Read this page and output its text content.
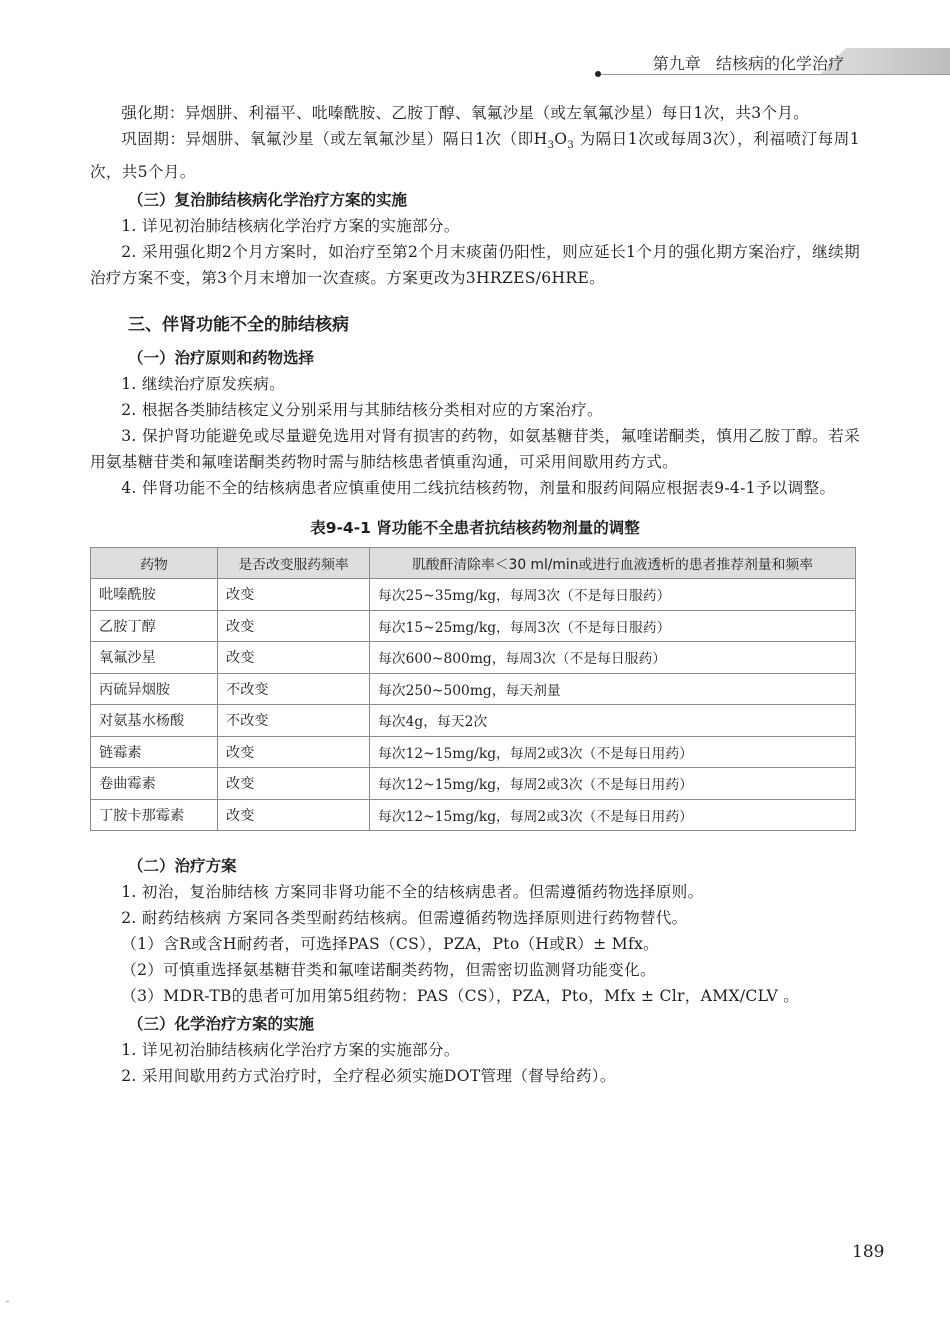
第九章 结核病的化学治疗

强化期：异烟肼、利福平、吡嗪酰胺、乙胺丁醇、氧氟沙星（或左氧氟沙星）每日1次，共3个月。

巩固期：异烟肼、氧氟沙星（或左氧氟沙星）隔日1次（即$H_3O_3$ 为隔日1次或每周3次），利福喷汀每周1次，共5个月。

（三）复治肺结核病化学治疗方案的实施

1. 详见初治肺结核病化学治疗方案的实施部分。

2. 采用强化期2个月方案时，如治疗至第2个月末痰菌仍阳性，则应延长1个月的强化期方案治疗，继续期治疗方案不变，第3个月末增加一次查痰。方案更改为3HRZES/6HRE。

三、伴肾功能不全的肺结核病
（一）治疗原则和药物选择

1. 继续治疗原发疾病。

2. 根据各类肺结核定义分别采用与其肺结核分类相对应的方案治疗。

3. 保护肾功能避免或尽量避免选用对肾有损害的药物，如氨基糖苷类，氟喹诺酮类，慎用乙胺丁醇。若采用氨基糖苷类和氟喹诺酮类药物时需与肺结核患者慎重沟通，可采用间歇用药方式。

4. 伴肾功能不全的结核病患者应慎重使用二线抗结核药物，剂量和服药间隔应根据表9-4-1予以调整。

表9-4-1 肾功能不全患者抗结核药物剂量的调整
药物	是否改变服药频率	肌酸酐清除率＜30 ml/min或进行血液透析的患者推荐剂量和频率
吡嗪酰胺	改变	每次25~35mg/kg，每周3次（不是每日服药）
乙胺丁醇	改变	每次15~25mg/kg，每周3次（不是每日服药）
氧氟沙星	改变	每次600~800mg，每周3次（不是每日服药）
丙硫异烟胺	不改变	每次250~500mg，每天剂量
对氨基水杨酸	不改变	每次4g，每天2次
链霉素	改变	每次12~15mg/kg，每周2或3次（不是每日用药）
卷曲霉素	改变	每次12~15mg/kg，每周2或3次（不是每日用药）
丁胺卡那霉素	改变	每次12~15mg/kg，每周2或3次（不是每日用药）
（二）治疗方案

1. 初治，复治肺结核 方案同非肾功能不全的结核病患者。但需遵循药物选择原则。

2. 耐药结核病 方案同各类型耐药结核病。但需遵循药物选择原则进行药物替代。

（1）含R或含H耐药者，可选择PAS（CS），PZA，Pto（H或R）± Mfx。

（2）可慎重选择氨基糖苷类和氟喹诺酮类药物，但需密切监测肾功能变化。

（3）MDR-TB的患者可加用第5组药物：PAS（CS），PZA，Pto，Mfx ± Clr，AMX/CLV 。

（三）化学治疗方案的实施

1. 详见初治肺结核病化学治疗方案的实施部分。

2. 采用间歇用药方式治疗时，全疗程必须实施DOT管理（督导给药）。

189
